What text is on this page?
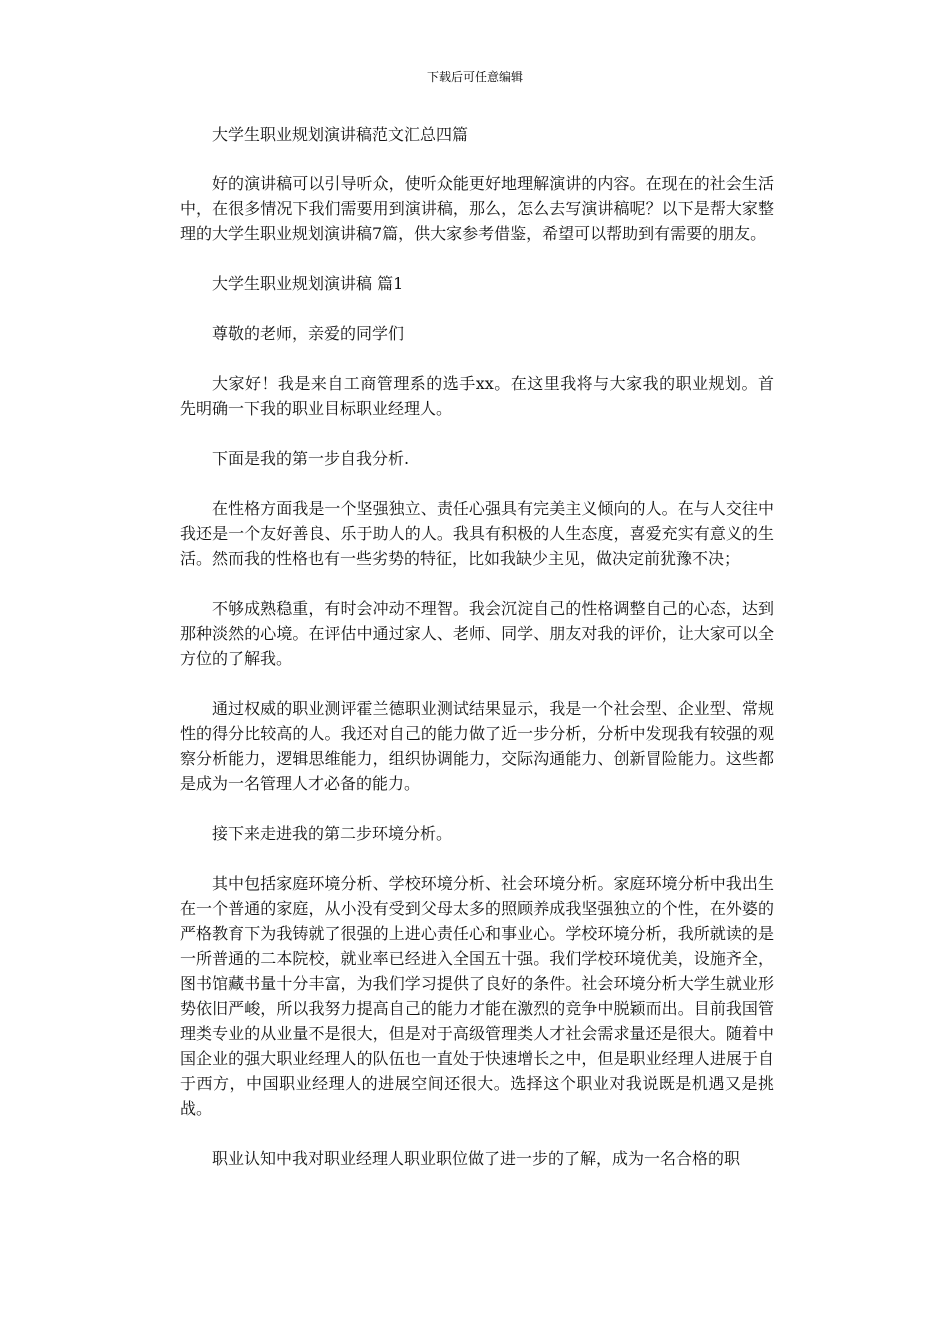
下载后可任意编辑

大学生职业规划演讲稿范文汇总四篇

好的演讲稿可以引导听众，使听众能更好地理解演讲的内容。在现在的社会生活中，在很多情况下我们需要用到演讲稿，那么，怎么去写演讲稿呢？以下是帮大家整理的大学生职业规划演讲稿7篇，供大家参考借鉴，希望可以帮助到有需要的朋友。

大学生职业规划演讲稿 篇1

尊敬的老师，亲爱的同学们

大家好！我是来自工商管理系的选手xx。在这里我将与大家我的职业规划。首先明确一下我的职业目标职业经理人。

下面是我的第一步自我分析.

在性格方面我是一个坚强独立、责任心强具有完美主义倾向的人。在与人交往中我还是一个友好善良、乐于助人的人。我具有积极的人生态度，喜爱充实有意义的生活。然而我的性格也有一些劣势的特征，比如我缺少主见，做决定前犹豫不决；

不够成熟稳重，有时会冲动不理智。我会沉淀自己的性格调整自己的心态，达到那种淡然的心境。在评估中通过家人、老师、同学、朋友对我的评价，让大家可以全方位的了解我。

通过权威的职业测评霍兰德职业测试结果显示，我是一个社会型、企业型、常规性的得分比较高的人。我还对自己的能力做了近一步分析，分析中发现我有较强的观察分析能力，逻辑思维能力，组织协调能力，交际沟通能力、创新冒险能力。这些都是成为一名管理人才必备的能力。

接下来走进我的第二步环境分析。

其中包括家庭环境分析、学校环境分析、社会环境分析。家庭环境分析中我出生在一个普通的家庭，从小没有受到父母太多的照顾养成我坚强独立的个性，在外婆的严格教育下为我铸就了很强的上进心责任心和事业心。学校环境分析，我所就读的是一所普通的二本院校，就业率已经进入全国五十强。我们学校环境优美，设施齐全，图书馆藏书量十分丰富，为我们学习提供了良好的条件。社会环境分析大学生就业形势依旧严峻，所以我努力提高自己的能力才能在激烈的竞争中脱颖而出。目前我国管理类专业的从业量不是很大，但是对于高级管理类人才社会需求量还是很大。随着中国企业的强大职业经理人的队伍也一直处于快速增长之中，但是职业经理人进展于自于西方，中国职业经理人的进展空间还很大。选择这个职业对我说既是机遇又是挑战。

职业认知中我对职业经理人职业职位做了进一步的了解，成为一名合格的职
